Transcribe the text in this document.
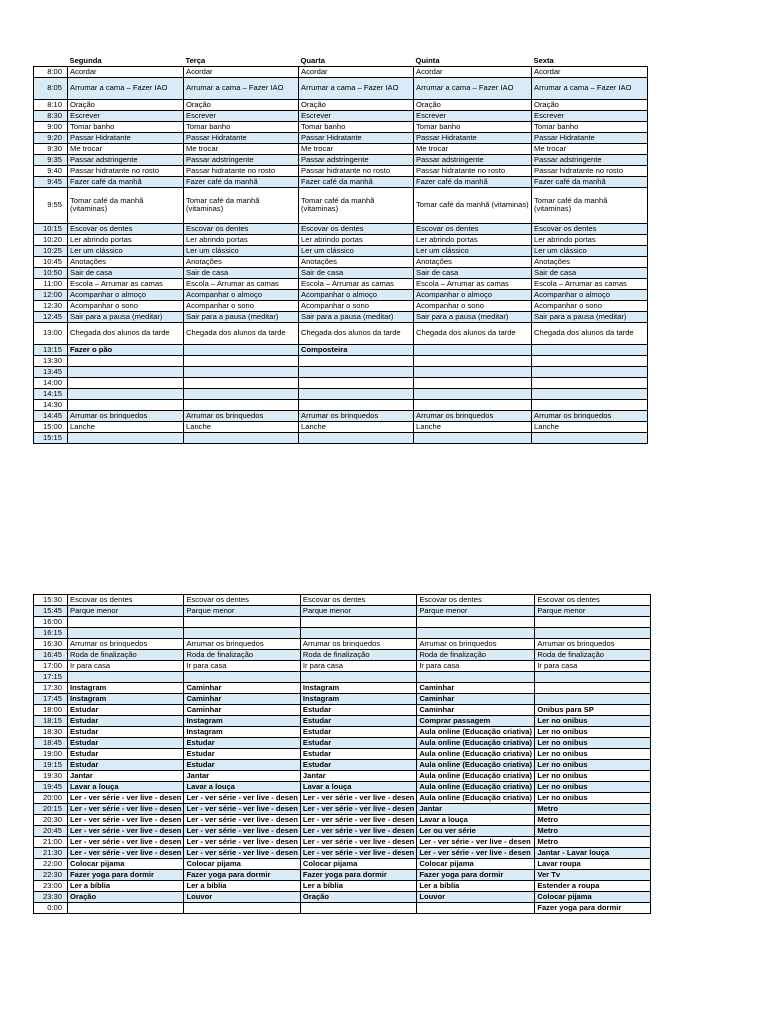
	Segunda	Terça	Quarta	Quinta	Sexta
8:00	Acordar	Acordar	Acordar	Acordar	Acordar
8:05	Arrumar a cama – Fazer IAO	Arrumar a cama – Fazer IAO	Arrumar a cama – Fazer IAO	Arrumar a cama – Fazer IAO	Arrumar a cama – Fazer IAO
8:10	Oração	Oração	Oração	Oração	Oração
8:30	Escrever	Escrever	Escrever	Escrever	Escrever
9:00	Tomar banho	Tomar banho	Tomar banho	Tomar banho	Tomar banho
9:20	Passar Hidratante	Passar Hidratante	Passar Hidratante	Passar Hidratante	Passar Hidratante
9:30	Me trocar	Me trocar	Me trocar	Me trocar	Me trocar
9:35	Passar adstringente	Passar adstringente	Passar adstringente	Passar adstringente	Passar adstringente
9:40	Passar hidratante no rosto	Passar hidratante no rosto	Passar hidratante no rosto	Passar hidratante no rosto	Passar hidratante no rosto
9:45	Fazer café da manhã	Fazer café da manhã	Fazer café da manhã	Fazer café da manhã	Fazer café da manhã
9:55	Tomar café da manhã (vitaminas)	Tomar café da manhã (vitaminas)	Tomar café da manhã (vitaminas)	Tomar café da manhã (vitaminas)	Tomar café da manhã (vitaminas)
10:15	Escovar os dentes	Escovar os dentes	Escovar os dentes	Escovar os dentes	Escovar os dentes
10:20	Ler abrindo portas	Ler abrindo portas	Ler abrindo portas	Ler abrindo portas	Ler abrindo portas
10:25	Ler um clássico	Ler um clássico	Ler um clássico	Ler um clássico	Ler um clássico
10:45	Anotações	Anotações	Anotações	Anotações	Anotações
10:50	Sair de casa	Sair de casa	Sair de casa	Sair de casa	Sair de casa
11:00	Escola – Arrumar as camas	Escola – Arrumar as camas	Escola – Arrumar as camas	Escola – Arrumar as camas	Escola – Arrumar as camas
12:00	Acompanhar o almoço	Acompanhar o almoço	Acompanhar o almoço	Acompanhar o almoço	Acompanhar o almoço
12:30	Acompanhar o sono	Acompanhar o sono	Acompanhar o sono	Acompanhar o sono	Acompanhar o sono
12:45	Sair para a pausa (meditar)	Sair para a pausa (meditar)	Sair para a pausa (meditar)	Sair para a pausa (meditar)	Sair para a pausa (meditar)
13:00	Chegada dos alunos da tarde	Chegada dos alunos da tarde	Chegada dos alunos da tarde	Chegada dos alunos da tarde	Chegada dos alunos da tarde
13:15	Fazer o pão		Composteira		
13:30					
13:45					
14:00					
14:15					
14:30					
14:45	Arrumar os brinquedos	Arrumar os brinquedos	Arrumar os brinquedos	Arrumar os brinquedos	Arrumar os brinquedos
15:00	Lanche	Lanche	Lanche	Lanche	Lanche
15:15					
15:30	Escovar os dentes	Escovar os dentes	Escovar os dentes	Escovar os dentes	Escovar os dentes
15:45	Parque menor	Parque menor	Parque menor	Parque menor	Parque menor
16:00					
16:15					
16:30	Arrumar os brinquedos	Arrumar os brinquedos	Arrumar os brinquedos	Arrumar os brinquedos	Arrumar os brinquedos
16:45	Roda de finalização	Roda de finalização	Roda de finalização	Roda de finalização	Roda de finalização
17:00	Ir para casa	Ir para casa	Ir para casa	Ir para casa	Ir para casa
17:15					
17:30	Instagram	Caminhar	Instagram	Caminhar	
17:45	Instagram	Caminhar	Instagram	Caminhar	
18:00	Estudar	Caminhar	Estudar	Caminhar	Onibus para SP
18:15	Estudar	Instagram	Estudar	Comprar passagem	Ler no onibus
18:30	Estudar	Instagram	Estudar	Aula online (Educação criativa)	Ler no onibus
18:45	Estudar	Estudar	Estudar	Aula online (Educação criativa)	Ler no onibus
19:00	Estudar	Estudar	Estudar	Aula online (Educação criativa)	Ler no onibus
19:15	Estudar	Estudar	Estudar	Aula online (Educação criativa)	Ler no onibus
19:30	Jantar	Jantar	Jantar	Aula online (Educação criativa)	Ler no onibus
19:45	Lavar a louça	Lavar a louça	Lavar a louça	Aula online (Educação criativa)	Ler no onibus
20:00	Ler - ver série - ver live - desen	Ler - ver série - ver live - desen	Ler - ver série - ver live - desen	Aula online (Educação criativa)	Ler no onibus
20:15	Ler - ver série - ver live - desen	Ler - ver série - ver live - desen	Ler - ver série - ver live - desen	Jantar	Metro
20:30	Ler - ver série - ver live - desen	Ler - ver série - ver live - desen	Ler - ver série - ver live - desen	Lavar a louça	Metro
20:45	Ler - ver série - ver live - desen	Ler - ver série - ver live - desen	Ler - ver série - ver live - desen	Ler ou ver série	Metro
21:00	Ler - ver série - ver live - desen	Ler - ver série - ver live - desen	Ler - ver série - ver live - desen	Ler - ver série - ver live - desen	Metro
21:30	Ler - ver série - ver live - desen	Ler - ver série - ver live - desen	Ler - ver série - ver live - desen	Ler - ver série - ver live - desen	Jantar - Lavar louça
22:00	Colocar pijama	Colocar pijama	Colocar pijama	Colocar pijama	Lavar roupa
22:30	Fazer yoga para dormir	Fazer yoga para dormir	Fazer yoga para dormir	Fazer yoga para dormir	Ver Tv
23:00	Ler a bíblia	Ler a bíblia	Ler a bíblia	Ler a bíblia	Estender a roupa
23:30	Oração	Louvor	Oração	Louvor	Colocar pijama
0:00					Fazer yoga para dormir
